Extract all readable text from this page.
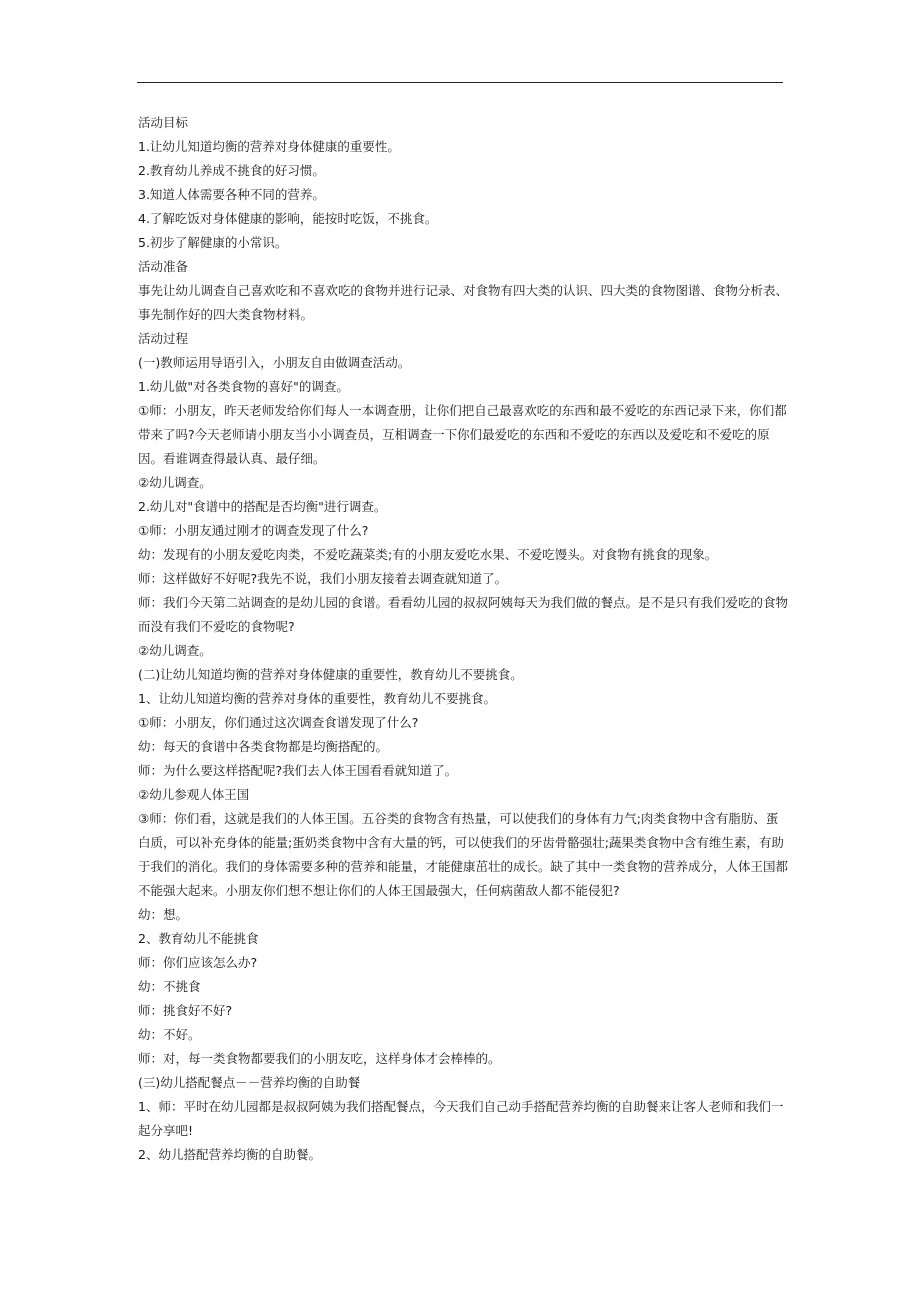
活动目标

1.让幼儿知道均衡的营养对身体健康的重要性。

2.教育幼儿养成不挑食的好习惯。

3.知道人体需要各种不同的营养。

4.了解吃饭对身体健康的影响，能按时吃饭，不挑食。

5.初步了解健康的小常识。

活动准备

事先让幼儿调查自己喜欢吃和不喜欢吃的食物并进行记录、对食物有四大类的认识、四大类的食物图谱、食物分析表、事先制作好的四大类食物材料。

活动过程

(一)教师运用导语引入，小朋友自由做调查活动。

1.幼儿做"对各类食物的喜好"的调查。

①师：小朋友，昨天老师发给你们每人一本调查册，让你们把自己最喜欢吃的东西和最不爱吃的东西记录下来，你们都带来了吗?今天老师请小朋友当小小调查员，互相调查一下你们最爱吃的东西和不爱吃的东西以及爱吃和不爱吃的原因。看谁调查得最认真、最仔细。

②幼儿调查。

2.幼儿对"食谱中的搭配是否均衡"进行调查。

①师：小朋友通过刚才的调查发现了什么?

幼：发现有的小朋友爱吃肉类，不爱吃蔬菜类;有的小朋友爱吃水果、不爱吃馒头。对食物有挑食的现象。

师：这样做好不好呢?我先不说，我们小朋友接着去调查就知道了。

师：我们今天第二站调查的是幼儿园的食谱。看看幼儿园的叔叔阿姨每天为我们做的餐点。是不是只有我们爱吃的食物而没有我们不爱吃的食物呢?

②幼儿调查。

(二)让幼儿知道均衡的营养对身体健康的重要性，教育幼儿不要挑食。

1、让幼儿知道均衡的营养对身体的重要性，教育幼儿不要挑食。

①师：小朋友，你们通过这次调查食谱发现了什么?

幼：每天的食谱中各类食物都是均衡搭配的。

师：为什么要这样搭配呢?我们去人体王国看看就知道了。

②幼儿参观人体王国

③师：你们看，这就是我们的人体王国。五谷类的食物含有热量，可以使我们的身体有力气;肉类食物中含有脂肪、蛋白质，可以补充身体的能量;蛋奶类食物中含有大量的钙，可以使我们的牙齿骨骼强壮;蔬果类食物中含有维生素，有助于我们的消化。我们的身体需要多种的营养和能量，才能健康茁壮的成长。缺了其中一类食物的营养成分，人体王国都不能强大起来。小朋友你们想不想让你们的人体王国最强大，任何病菌敌人都不能侵犯?

幼：想。

2、教育幼儿不能挑食

师：你们应该怎么办?

幼：不挑食

师：挑食好不好?

幼：不好。

师：对，每一类食物都要我们的小朋友吃，这样身体才会棒棒的。

(三)幼儿搭配餐点－－营养均衡的自助餐

1、师：平时在幼儿园都是叔叔阿姨为我们搭配餐点，今天我们自己动手搭配营养均衡的自助餐来让客人老师和我们一起分享吧!

2、幼儿搭配营养均衡的自助餐。
